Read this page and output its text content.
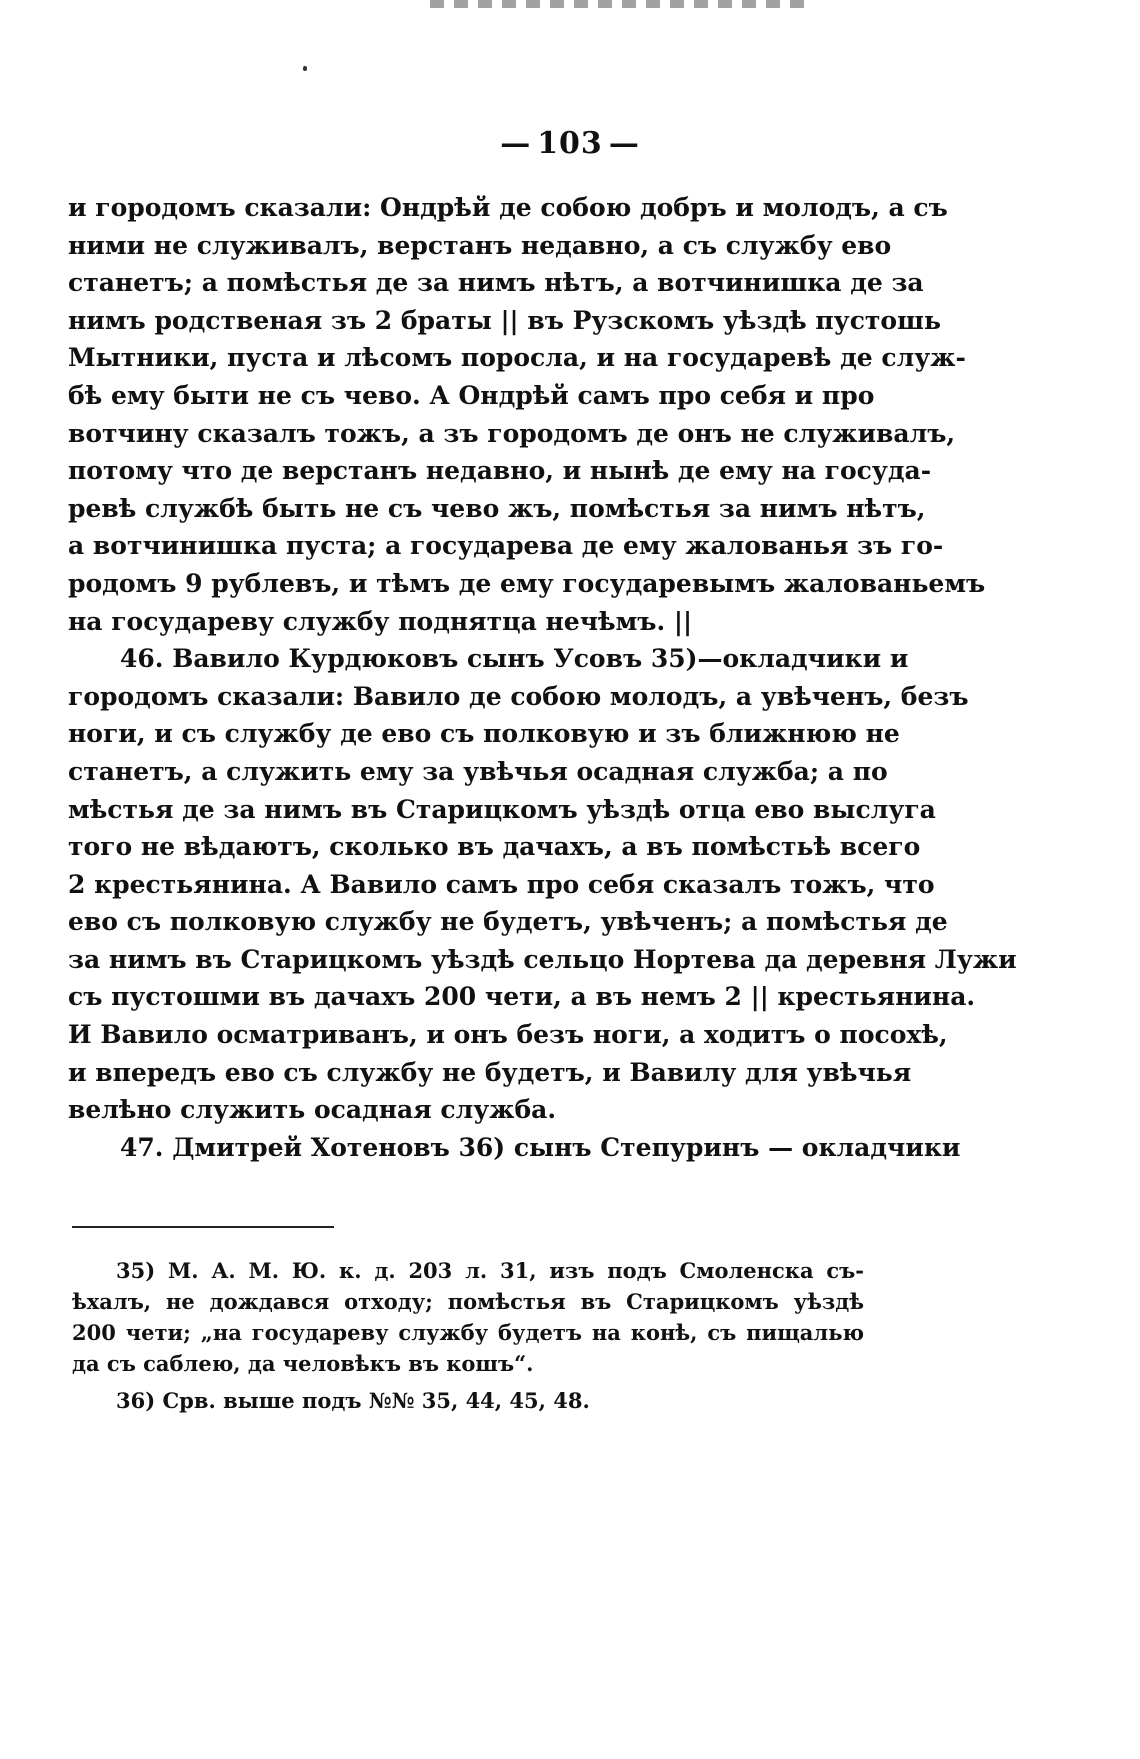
— 103 —
и городомъ сказали: Ондрѣй де собою добръ и молодъ, а съ
ними не служивалъ, верстанъ недавно, а съ службу ево
станетъ; а помѣстья де за нимъ нѣтъ, а вотчинишка де за
нимъ родственая зъ 2 браты || въ Рузскомъ уѣздѣ пустошь
Мытники, пуста и лѣсомъ поросла, и на государевѣ де служ-
бѣ ему быти не съ чево. А Ондрѣй самъ про себя и про
вотчину сказалъ тожъ, а зъ городомъ де онъ не служивалъ,
потому что де верстанъ недавно, и нынѣ де ему на госуда-
ревѣ службѣ быть не съ чево жъ, помѣстья за нимъ нѣтъ,
а вотчинишка пуста; а государева де ему жалованья зъ го-
родомъ 9 рублевъ, и тѣмъ де ему государевымъ жалованьемъ
на государеву службу поднятца нечѣмъ. ||
46. Вавило Курдюковъ сынъ Усовъ 35)—окладчики и
городомъ сказали: Вавило де собою молодъ, а увѣченъ, безъ
ноги, и съ службу де ево съ полковую и зъ ближнюю не
станетъ, а служить ему за увѣчья осадная служба; а по
мѣстья де за нимъ въ Старицкомъ уѣздѣ отца ево выслуга
того не вѣдаютъ, сколько въ дачахъ, а въ помѣстьѣ всего
2 крестьянина. А Вавило самъ про себя сказалъ тожъ, что
ево съ полковую службу не будетъ, увѣченъ; а помѣстья де
за нимъ въ Старицкомъ уѣздѣ сельцо Нортева да деревня Лужи
съ пустошми въ дачахъ 200 чети, а въ немъ 2 || крестьянина.
И Вавило осматриванъ, и онъ безъ ноги, а ходитъ о посохѣ,
и впередъ ево съ службу не будетъ, и Вавилу для увѣчья
велѣно служить осадная служба.
47. Дмитрей Хотеновъ 36) сынъ Степуринъ — окладчики
35) М. А. М. Ю. к. д. 203 л. 31, изъ подъ Смоленска съ-
ѣхалъ, не дождався отходу; помѣстья въ Старицкомъ уѣздѣ
200 чети; „на государеву службу будетъ на конѣ, съ пищалью
да съ саблею, да человѣкъ въ кошъ“.
36) Срв. выше подъ №№ 35, 44, 45, 48.
